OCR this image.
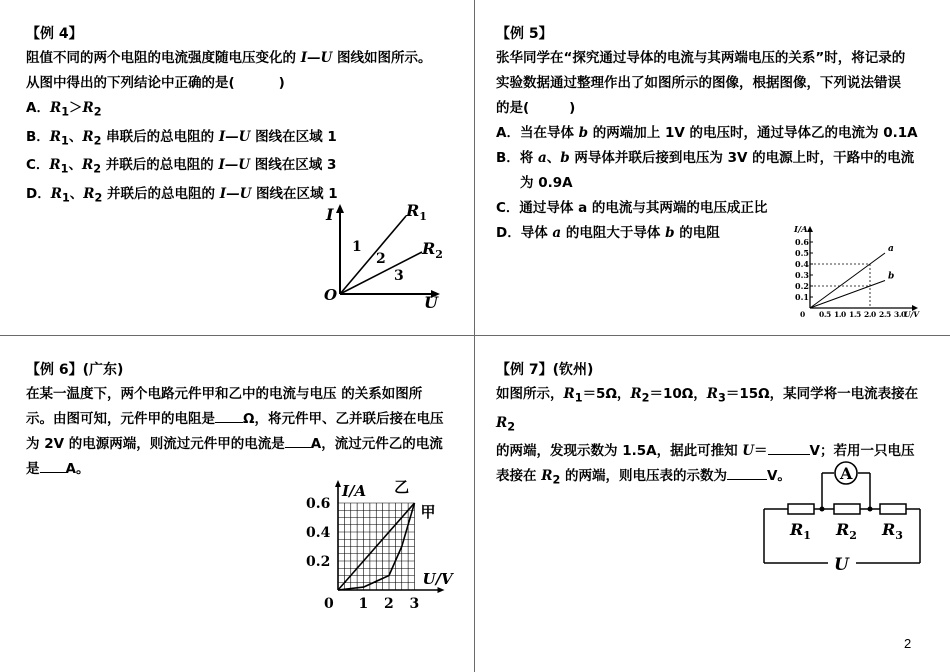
【例 4】
阻值不同的两个电阻的电流强度随电压变化的 I—U 图线如图所示。
从图中得出的下列结论中正确的是(	)
A．$R_1>R_2$
B．$R_1$、$R_2$ 串联后的总电阻的 I—U 图线在区域 1
C．$R_1$、$R_2$ 并联后的总电阻的 I—U 图线在区域 3
D．$R_1$、$R_2$ 并联后的总电阻的 I—U 图线在区域 1
I
U
O
$R_1$
$R_2$
1
2
3
【例 5】
张华同学在“探究通过导体的电流与其两端电压的关系”时，将记录的
实验数据通过整理作出了如图所示的图像，根据图像，下列说法错误
的是(	)
A．当在导体 b 的两端加上 1V 的电压时，通过导体乙的电流为 0.1A
B．将 a、b 两导体并联后接到电压为 3V 的电源上时，干路中的电流
为 0.9A
C．通过导体 a 的电流与其两端的电压成正比
D．导体 a 的电阻大于导体 b 的电阻	I/A
0.1
0.2
0.3
0.4
0.5
0.6
0 0.5 1.0 1.5 2.0 2.5 3.0
U/V
a
b
【例 6】(广东)
在某一温度下，两个电路元件甲和乙中的电流与电压 的关系如图所
示。由图可知，元件甲的电阻是 Ω，将元件甲、乙并联后接在电压
为 2V 的电源两端，则流过元件甲的电流是 A，流过元件乙的电流
是 A。
I/A
U/V
0.2
0.4
0.6
0 1 2 3
甲
乙
【例 7】(钦州)
如图所示，$R_1=5\Omega$，$R_2=10\Omega$，$R_3=15\Omega$，某同学将一电流表接在 $R_2$
的两端，发现示数为 1.5A，据此可推知 U＝	V；若用一只电压
表接在 $R_2$ 的两端，则电压表的示数为	V。	A
U
$R_1$ $R_2$ $R_3$
2
